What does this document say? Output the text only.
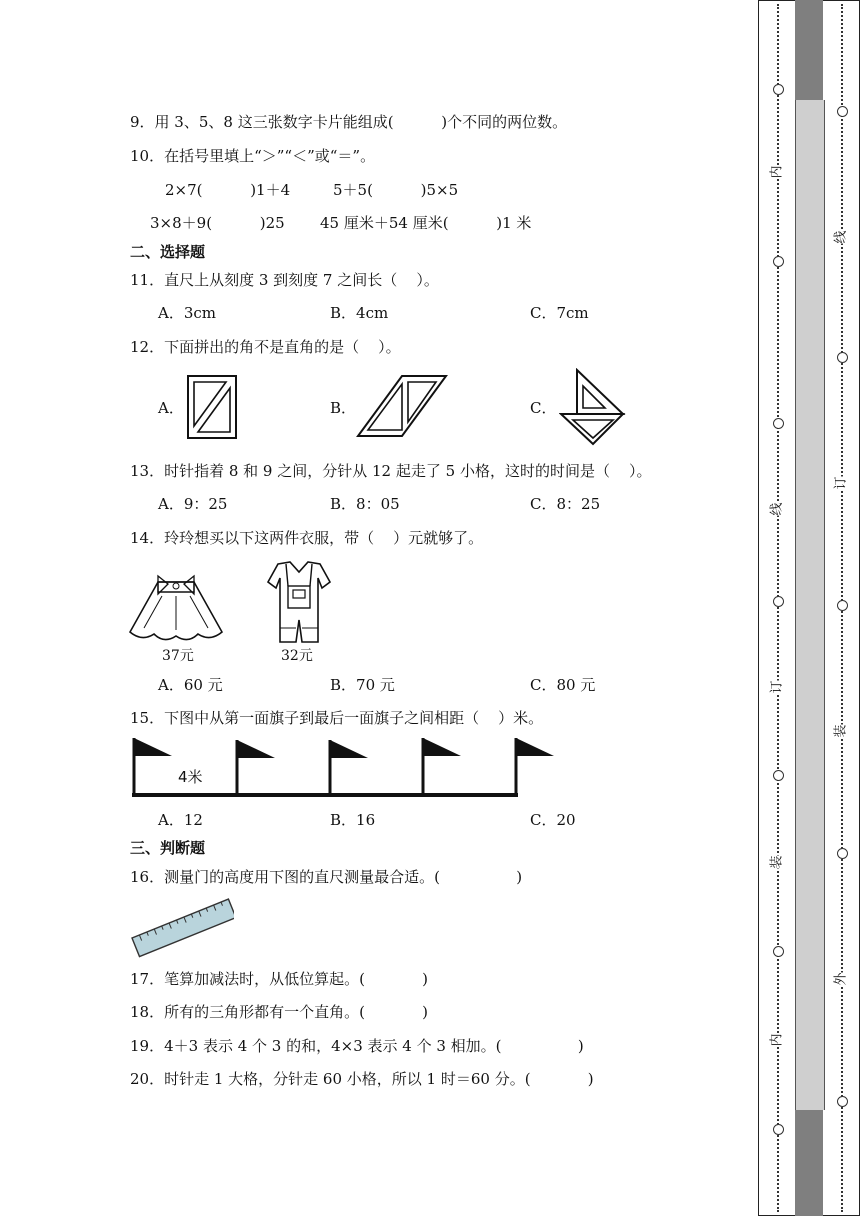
9．用 3、5、8 这三张数字卡片能组成(          )个不同的两位数。
10．在括号里填上“＞”“＜”或“＝”。
2×7(          )1＋4	5＋5(          )5×5
3×8＋9(          )25 45 厘米＋54 厘米(          )1 米
二、选择题
11．直尺上从刻度 3 到刻度 7 之间长（    ）。
A．3cm	B．4cm	C．7cm
12．下面拼出的角不是直角的是（    ）。
A．	B．	C．
13．时针指着 8 和 9 之间，分针从 12 起走了 5 小格，这时的时间是（    ）。
A．9：25	B．8：05	C．8：25
14．玲玲想买以下这两件衣服，带（    ）元就够了。
37元	32元
A．60 元	B．70 元	C．80 元
15．下图中从第一面旗子到最后一面旗子之间相距（    ）米。
4米
A．12	B．16	C．20
三、判断题
16．测量门的高度用下图的直尺测量最合适。(                )
17．笔算加减法时，从低位算起。(            )
18．所有的三角形都有一个直角。(            )
19．4＋3 表示 4 个 3 的和，4×3 表示 4 个 3 相加。(                )
20．时针走 1 大格，分针走 60 小格，所以 1 时＝60 分。(            )
内
线
订
装
内
线
订
装
外
